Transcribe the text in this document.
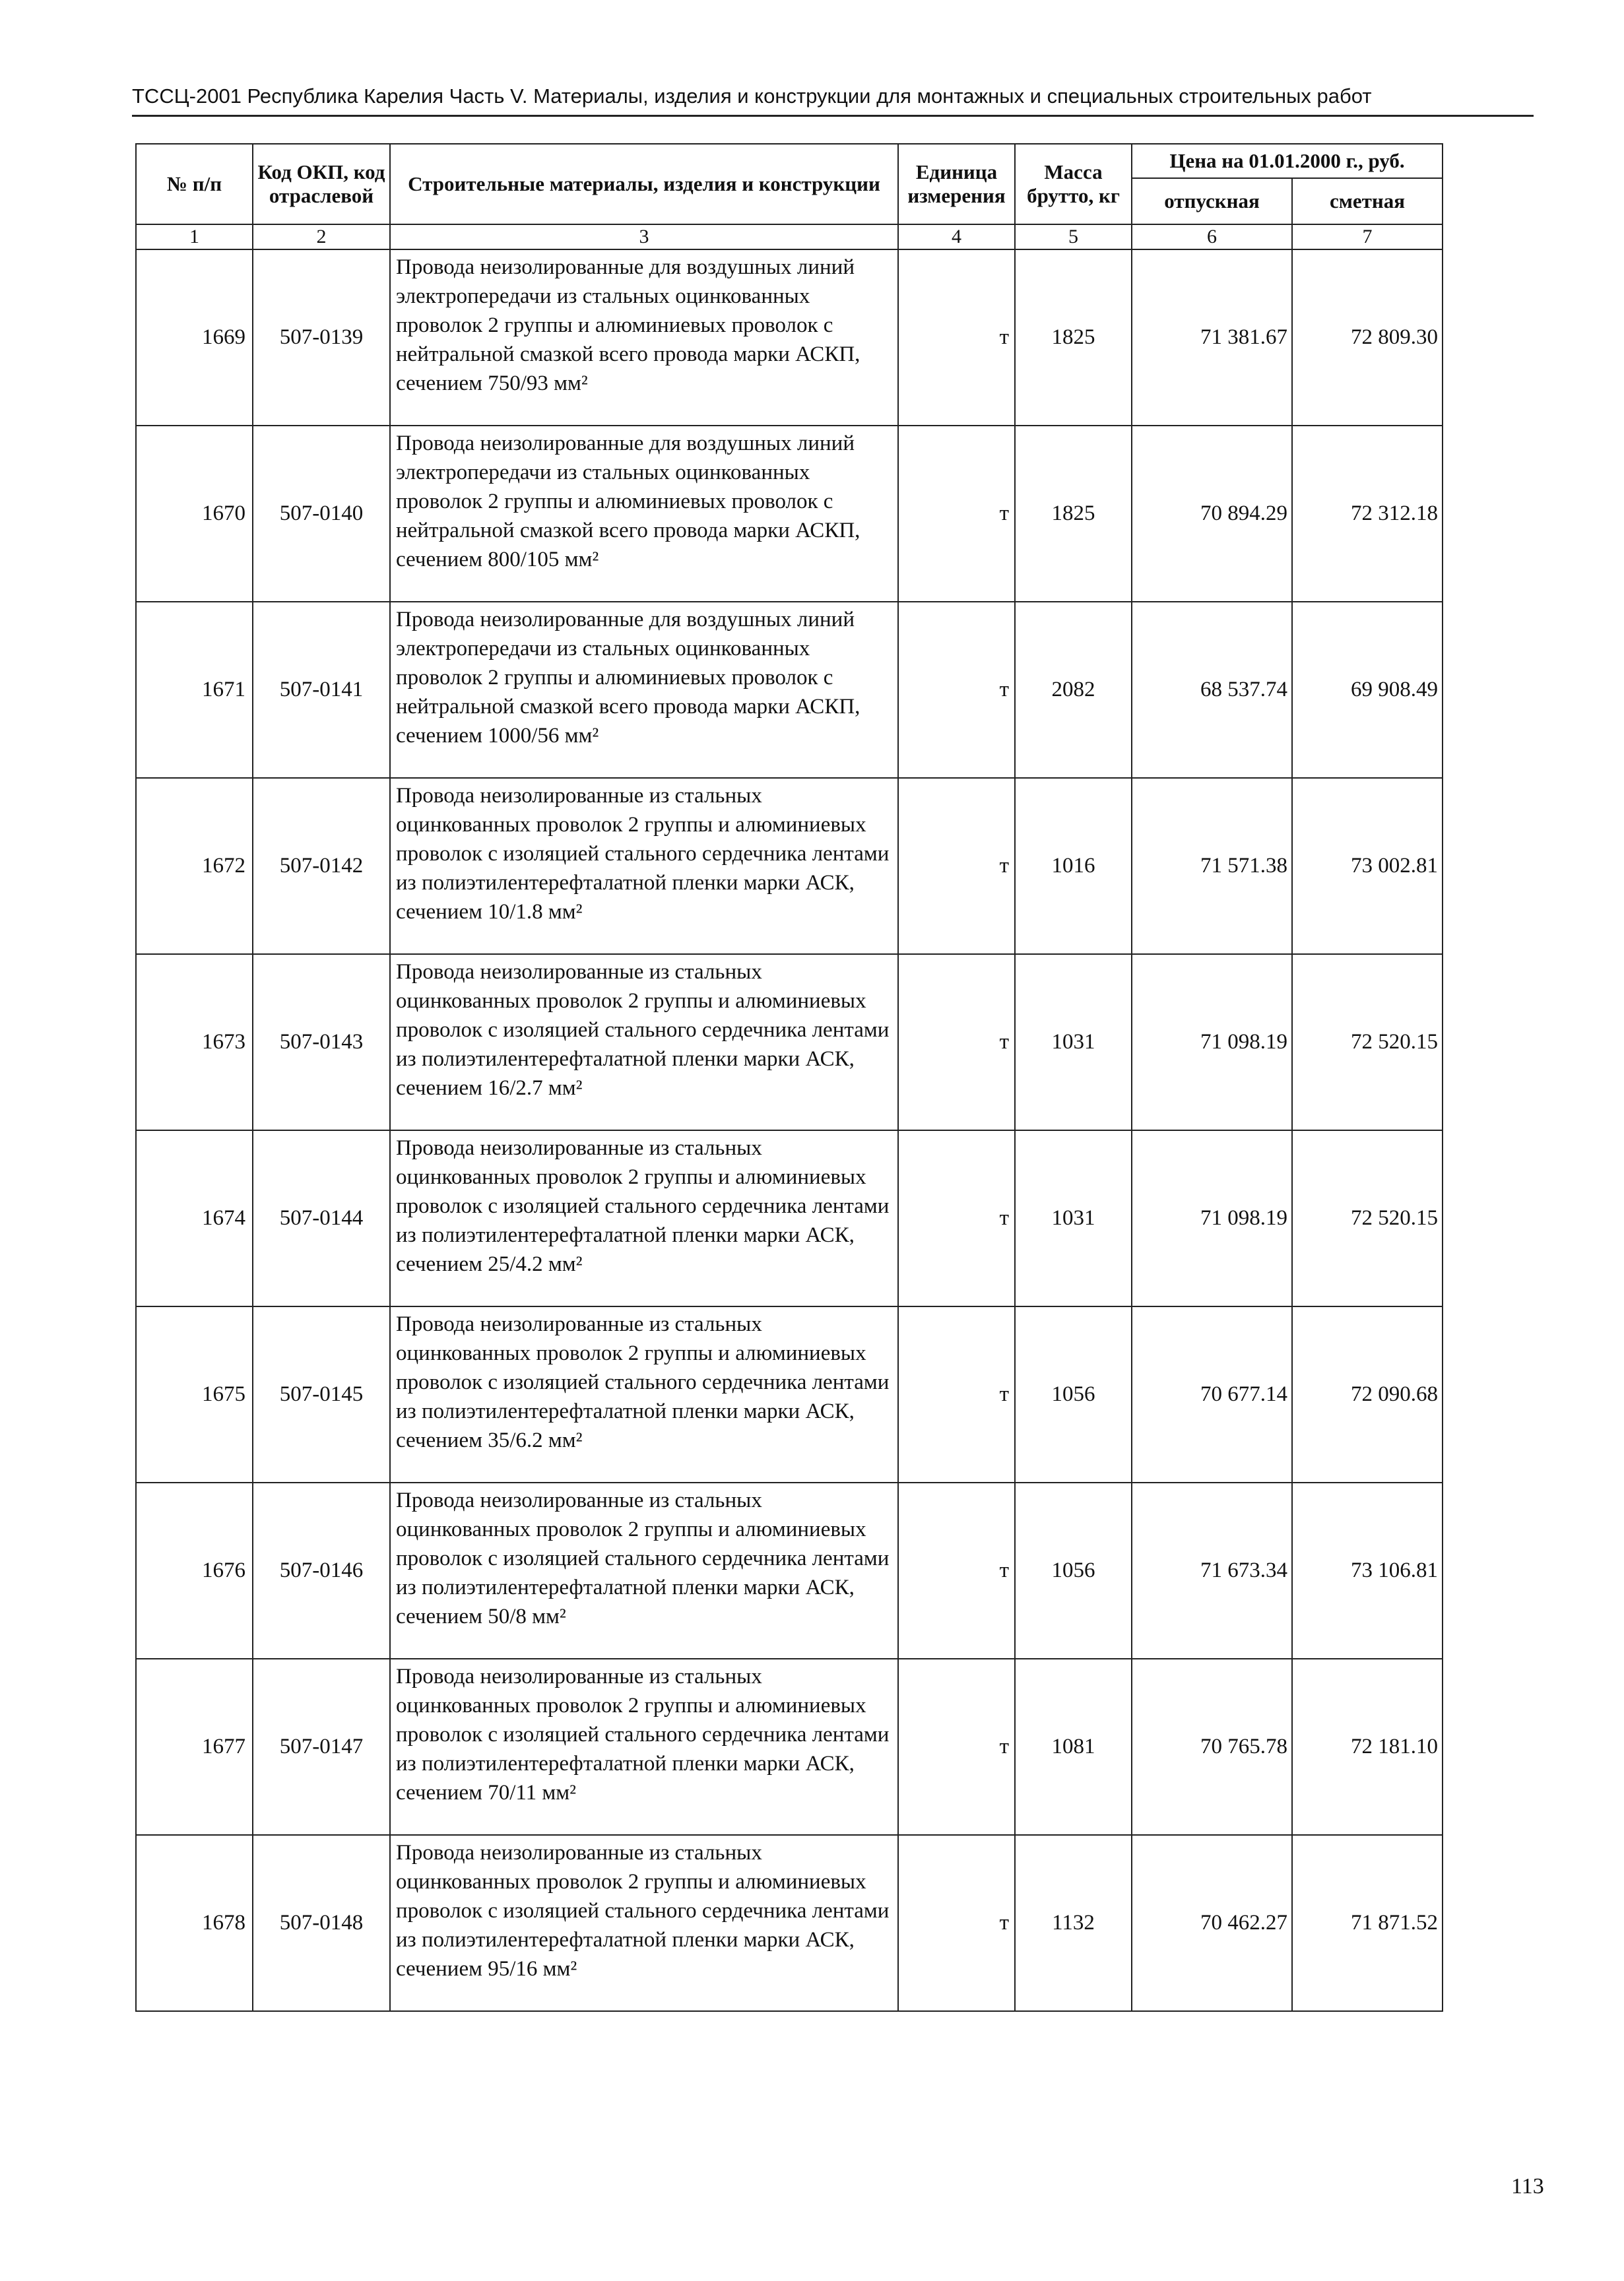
ТССЦ-2001 Республика Карелия Часть V. Материалы, изделия и конструкции для монтажных и специальных строительных работ
№ п/п	Код ОКП, код отраслевой	Строительные материалы, изделия и конструкции	Единица измерения	Масса брутто, кг	Цена на 01.01.2000 г., руб.	
					отпускная	сметная
1	2	3	4	5	6	7
1669	507-0139	Провода неизолированные для воздушных линий электропередачи из стальных оцинкованных проволок 2 группы и алюминиевых проволок с нейтральной смазкой всего провода марки АСКП, сечением 750/93 мм²	т	1825	71 381.67	72 809.30
1670	507-0140	Провода неизолированные для воздушных линий электропередачи из стальных оцинкованных проволок 2 группы и алюминиевых проволок с нейтральной смазкой всего провода марки АСКП, сечением 800/105 мм²	т	1825	70 894.29	72 312.18
1671	507-0141	Провода неизолированные для воздушных линий электропередачи из стальных оцинкованных проволок 2 группы и алюминиевых проволок с нейтральной смазкой всего провода марки АСКП, сечением 1000/56 мм²	т	2082	68 537.74	69 908.49
1672	507-0142	Провода неизолированные из стальных оцинкованных проволок 2 группы и алюминиевых проволок с изоляцией стального сердечника лентами из полиэтилентерефталатной пленки марки АСК, сечением 10/1.8 мм²	т	1016	71 571.38	73 002.81
1673	507-0143	Провода неизолированные из стальных оцинкованных проволок 2 группы и алюминиевых проволок с изоляцией стального сердечника лентами из полиэтилентерефталатной пленки марки АСК, сечением 16/2.7 мм²	т	1031	71 098.19	72 520.15
1674	507-0144	Провода неизолированные из стальных оцинкованных проволок 2 группы и алюминиевых проволок с изоляцией стального сердечника лентами из полиэтилентерефталатной пленки марки АСК, сечением 25/4.2 мм²	т	1031	71 098.19	72 520.15
1675	507-0145	Провода неизолированные из стальных оцинкованных проволок 2 группы и алюминиевых проволок с изоляцией стального сердечника лентами из полиэтилентерефталатной пленки марки АСК, сечением 35/6.2 мм²	т	1056	70 677.14	72 090.68
1676	507-0146	Провода неизолированные из стальных оцинкованных проволок 2 группы и алюминиевых проволок с изоляцией стального сердечника лентами из полиэтилентерефталатной пленки марки АСК, сечением 50/8 мм²	т	1056	71 673.34	73 106.81
1677	507-0147	Провода неизолированные из стальных оцинкованных проволок 2 группы и алюминиевых проволок с изоляцией стального сердечника лентами из полиэтилентерефталатной пленки марки АСК, сечением 70/11 мм²	т	1081	70 765.78	72 181.10
1678	507-0148	Провода неизолированные из стальных оцинкованных проволок 2 группы и алюминиевых проволок с изоляцией стального сердечника лентами из полиэтилентерефталатной пленки марки АСК, сечением 95/16 мм²	т	1132	70 462.27	71 871.52
113
